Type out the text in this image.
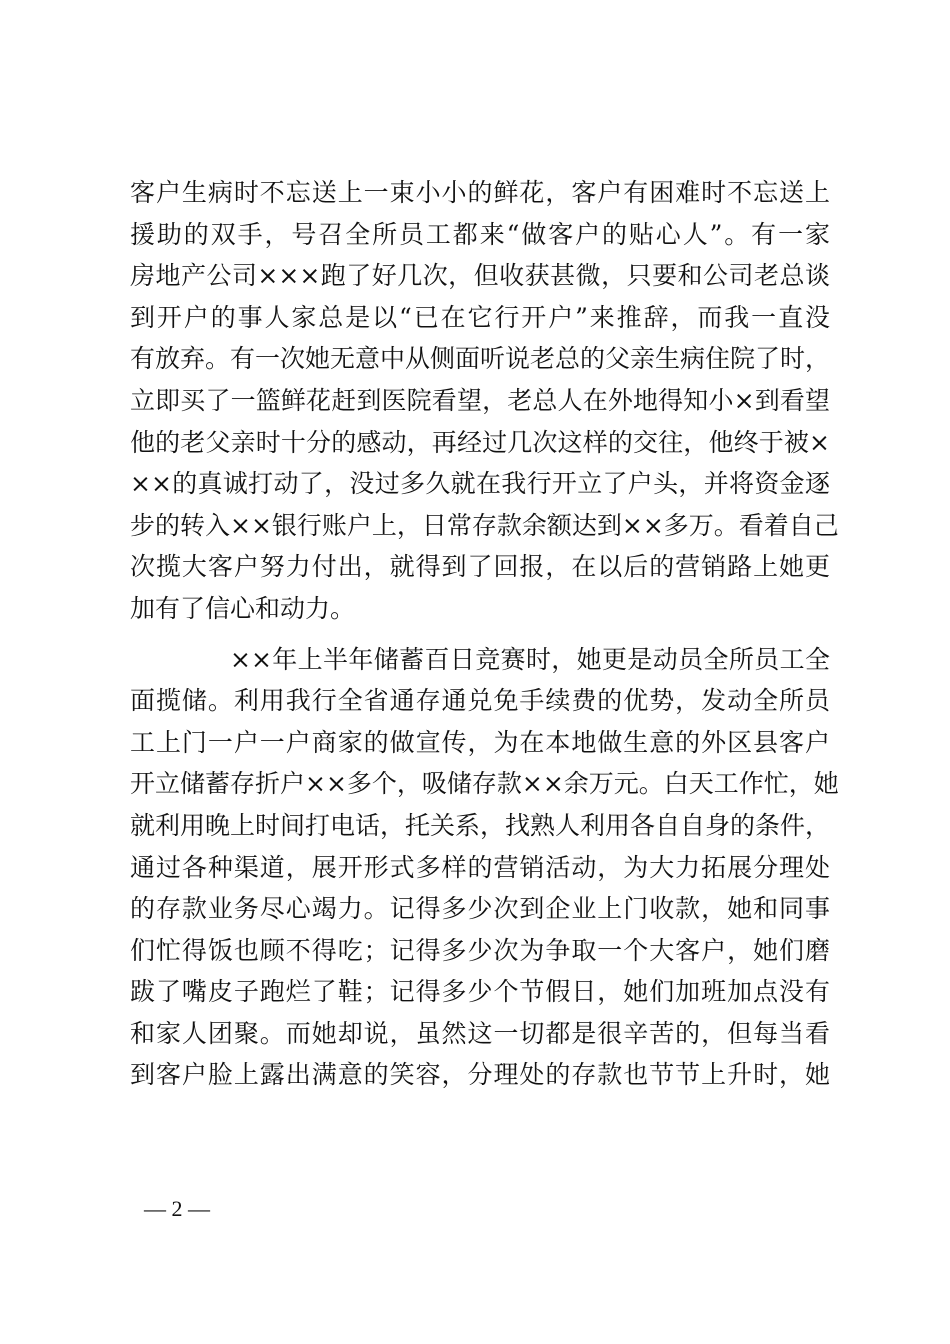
客户生病时不忘送上一束小小的鲜花，客户有困难时不忘送上
援助的双手，号召全所员工都来“做客户的贴心人”。有一家
房地产公司×××跑了好几次，但收获甚微，只要和公司老总谈
到开户的事人家总是以“已在它行开户”来推辞，而我一直没
有放弃。有一次她无意中从侧面听说老总的父亲生病住院了时，
立即买了一篮鲜花赶到医院看望，老总人在外地得知小×到看望
他的老父亲时十分的感动，再经过几次这样的交往，他终于被×
××的真诚打动了，没过多久就在我行开立了户头，并将资金逐
步的转入××银行账户上，日常存款余额达到××多万。看着自己
次揽大客户努力付出，就得到了回报，在以后的营销路上她更
加有了信心和动力。
××年上半年储蓄百日竞赛时，她更是动员全所员工全
面揽储。利用我行全省通存通兑免手续费的优势，发动全所员
工上门一户一户商家的做宣传，为在本地做生意的外区县客户
开立储蓄存折户××多个，吸储存款××余万元。白天工作忙，她
就利用晚上时间打电话，托关系，找熟人利用各自自身的条件，
通过各种渠道，展开形式多样的营销活动，为大力拓展分理处
的存款业务尽心竭力。记得多少次到企业上门收款，她和同事
们忙得饭也顾不得吃；记得多少次为争取一个大客户，她们磨
跋了嘴皮子跑烂了鞋；记得多少个节假日，她们加班加点没有
和家人团聚。而她却说，虽然这一切都是很辛苦的，但每当看
到客户脸上露出满意的笑容，分理处的存款也节节上升时，她
— 2 —
